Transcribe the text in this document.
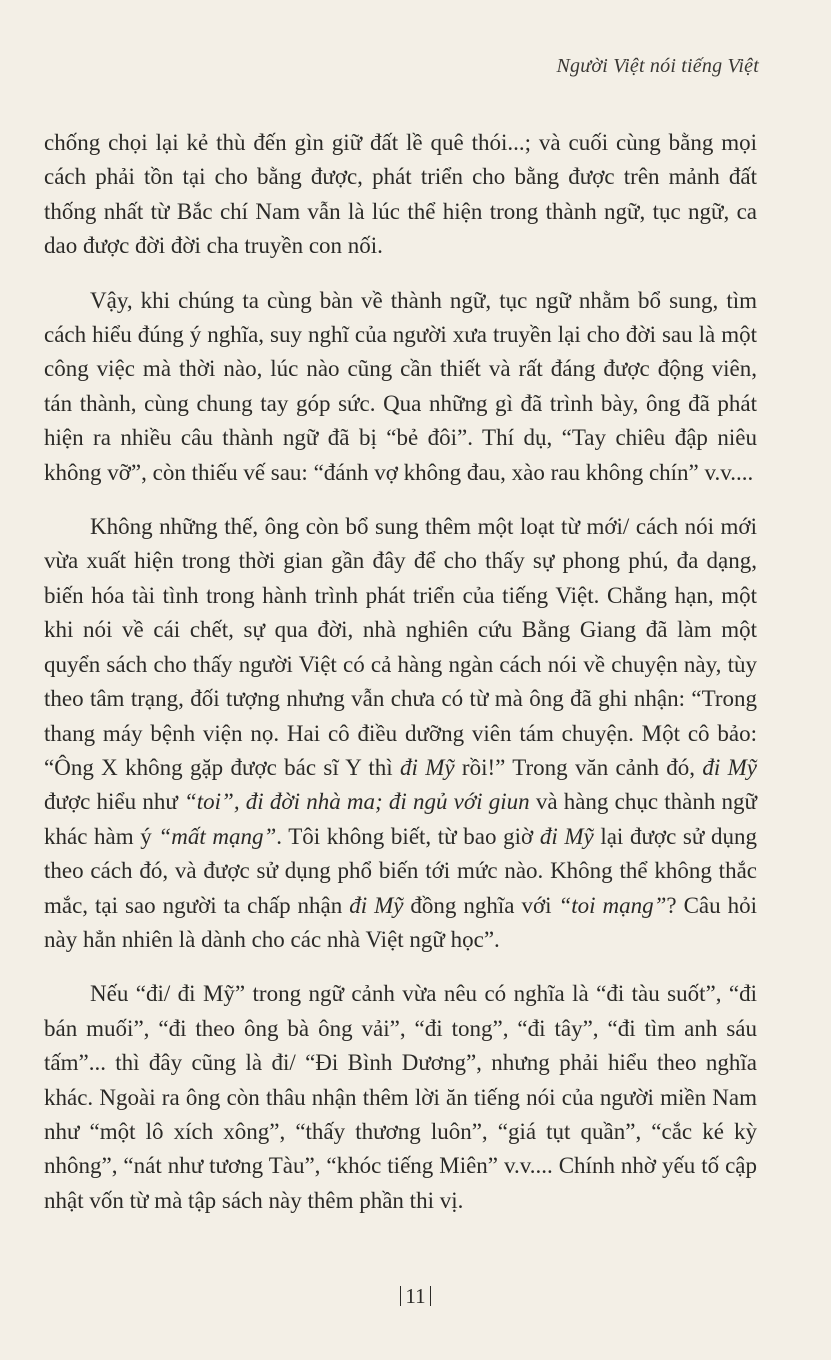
Người Việt nói tiếng Việt

chống chọi lại kẻ thù đến gìn giữ đất lề quê thói...; và cuối cùng bằng mọi cách phải tồn tại cho bằng được, phát triển cho bằng được trên mảnh đất thống nhất từ Bắc chí Nam vẫn là lúc thể hiện trong thành ngữ, tục ngữ, ca dao được đời đời cha truyền con nối.

Vậy, khi chúng ta cùng bàn về thành ngữ, tục ngữ nhằm bổ sung, tìm cách hiểu đúng ý nghĩa, suy nghĩ của người xưa truyền lại cho đời sau là một công việc mà thời nào, lúc nào cũng cần thiết và rất đáng được động viên, tán thành, cùng chung tay góp sức. Qua những gì đã trình bày, ông đã phát hiện ra nhiều câu thành ngữ đã bị “bẻ đôi”. Thí dụ, “Tay chiêu đập niêu không vỡ”, còn thiếu vế sau: “đánh vợ không đau, xào rau không chín” v.v....

Không những thế, ông còn bổ sung thêm một loạt từ mới/ cách nói mới vừa xuất hiện trong thời gian gần đây để cho thấy sự phong phú, đa dạng, biến hóa tài tình trong hành trình phát triển của tiếng Việt. Chẳng hạn, một khi nói về cái chết, sự qua đời, nhà nghiên cứu Bằng Giang đã làm một quyển sách cho thấy người Việt có cả hàng ngàn cách nói về chuyện này, tùy theo tâm trạng, đối tượng nhưng vẫn chưa có từ mà ông đã ghi nhận: “Trong thang máy bệnh viện nọ. Hai cô điều dưỡng viên tám chuyện. Một cô bảo: “Ông X không gặp được bác sĩ Y thì đi Mỹ rồi!” Trong văn cảnh đó, đi Mỹ được hiểu như “toi”, đi đời nhà ma; đi ngủ với giun và hàng chục thành ngữ khác hàm ý “mất mạng”. Tôi không biết, từ bao giờ đi Mỹ lại được sử dụng theo cách đó, và được sử dụng phổ biến tới mức nào. Không thể không thắc mắc, tại sao người ta chấp nhận đi Mỹ đồng nghĩa với “toi mạng”? Câu hỏi này hẳn nhiên là dành cho các nhà Việt ngữ học”.

Nếu “đi/ đi Mỹ” trong ngữ cảnh vừa nêu có nghĩa là “đi tàu suốt”, “đi bán muối”, “đi theo ông bà ông vải”, “đi tong”, “đi tây”, “đi tìm anh sáu tấm”... thì đây cũng là đi/ “Đi Bình Dương”, nhưng phải hiểu theo nghĩa khác. Ngoài ra ông còn thâu nhận thêm lời ăn tiếng nói của người miền Nam như “một lô xích xông”, “thấy thương luôn”, “giá tụt quần”, “cắc ké kỳ nhông”, “nát như tương Tàu”, “khóc tiếng Miên” v.v.... Chính nhờ yếu tố cập nhật vốn từ mà tập sách này thêm phần thi vị.

11
